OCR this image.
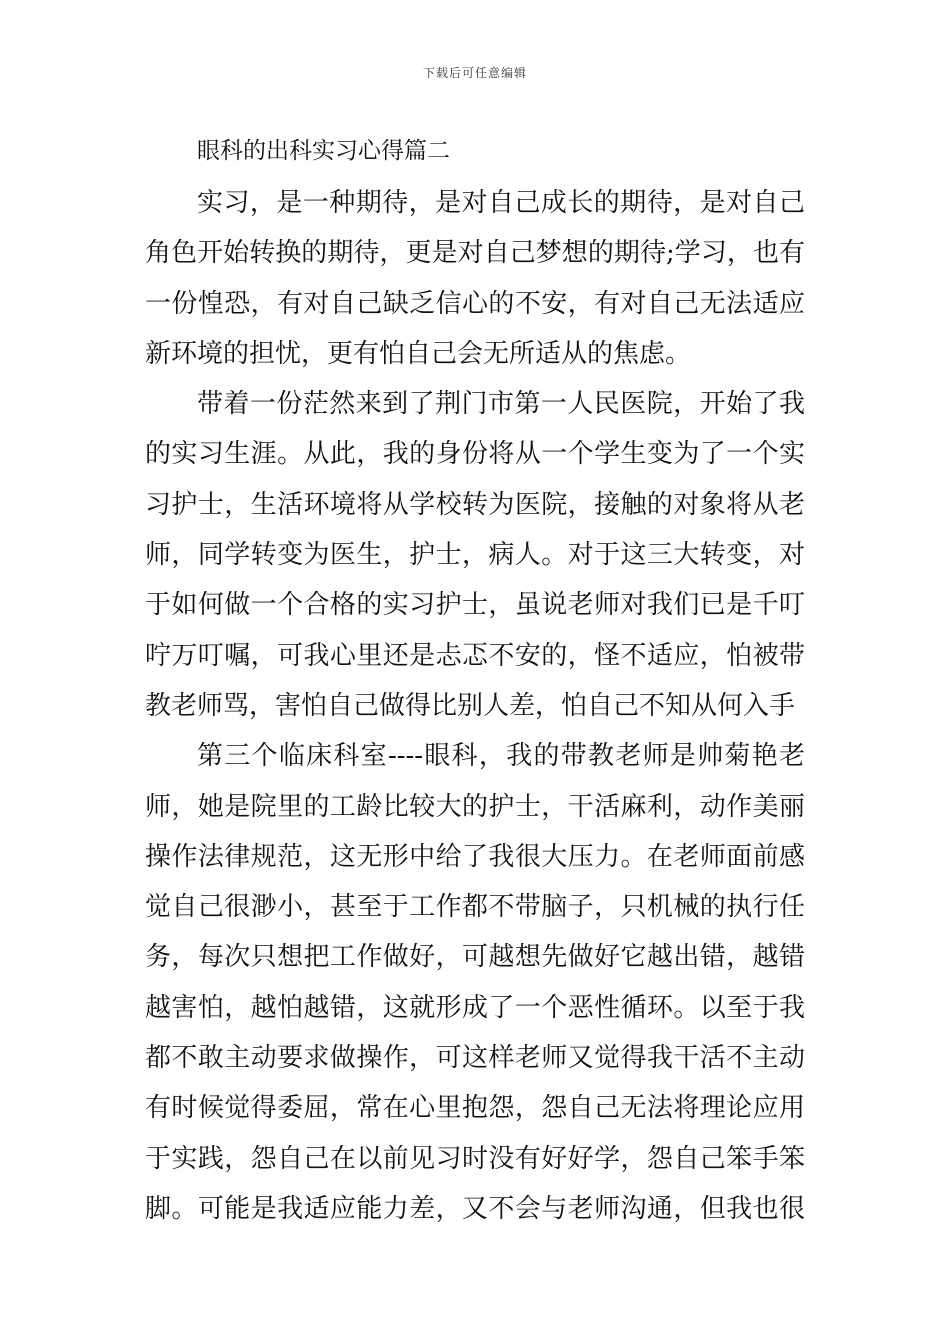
下载后可任意编辑
眼科的出科实习心得篇二
实习，是一种期待，是对自己成长的期待，是对自己
角色开始转换的期待，更是对自己梦想的期待;学习，也有
一份惶恐，有对自己缺乏信心的不安，有对自己无法适应
新环境的担忧，更有怕自己会无所适从的焦虑。
带着一份茫然来到了荆门市第一人民医院，开始了我
的实习生涯。从此，我的身份将从一个学生变为了一个实
习护士，生活环境将从学校转为医院，接触的对象将从老
师，同学转变为医生，护士，病人。对于这三大转变，对
于如何做一个合格的实习护士，虽说老师对我们已是千叮
咛万叮嘱，可我心里还是忐忑不安的，怪不适应，怕被带
教老师骂，害怕自己做得比别人差，怕自己不知从何入手
第三个临床科室----眼科，我的带教老师是帅菊艳老
师，她是院里的工龄比较大的护士，干活麻利，动作美丽
操作法律规范，这无形中给了我很大压力。在老师面前感
觉自己很渺小，甚至于工作都不带脑子，只机械的执行任
务，每次只想把工作做好，可越想先做好它越出错，越错
越害怕，越怕越错，这就形成了一个恶性循环。以至于我
都不敢主动要求做操作，可这样老师又觉得我干活不主动
有时候觉得委屈，常在心里抱怨，怨自己无法将理论应用
于实践，怨自己在以前见习时没有好好学，怨自己笨手笨
脚。可能是我适应能力差，又不会与老师沟通，但我也很
